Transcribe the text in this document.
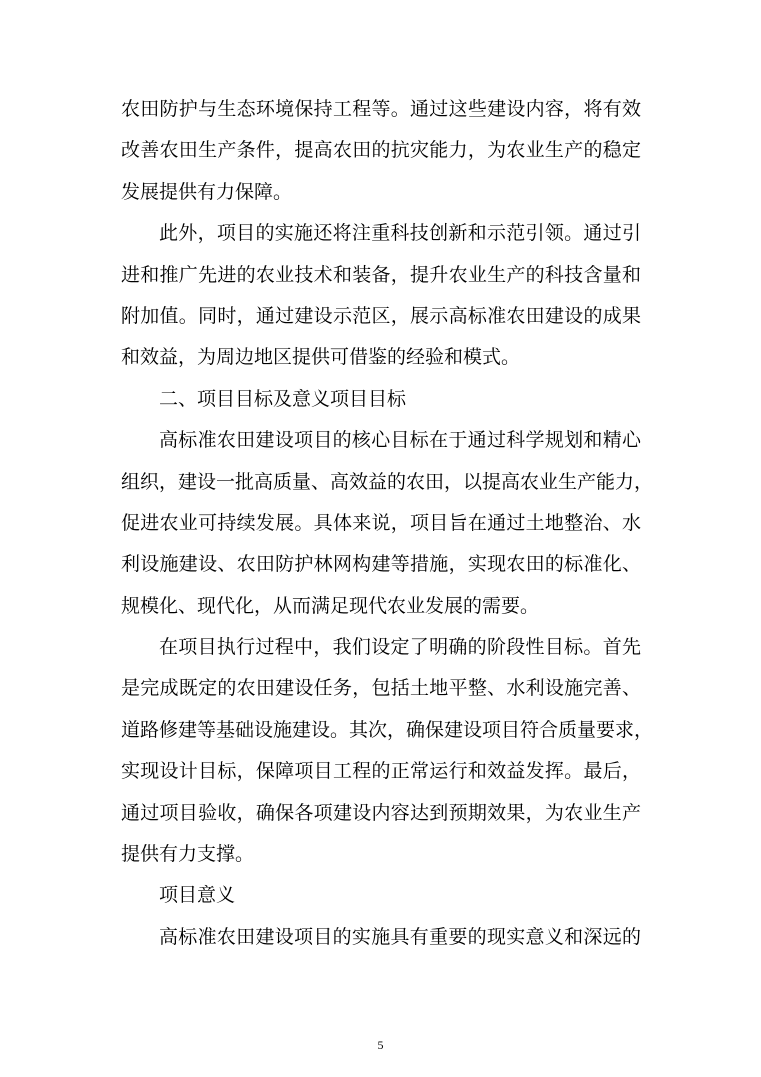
农田防护与生态环境保持工程等。通过这些建设内容，将有效
改善农田生产条件，提高农田的抗灾能力，为农业生产的稳定
发展提供有力保障。
此外，项目的实施还将注重科技创新和示范引领。通过引
进和推广先进的农业技术和装备，提升农业生产的科技含量和
附加值。同时，通过建设示范区，展示高标准农田建设的成果
和效益，为周边地区提供可借鉴的经验和模式。
二、项目目标及意义项目目标
高标准农田建设项目的核心目标在于通过科学规划和精心
组织，建设一批高质量、高效益的农田，以提高农业生产能力，
促进农业可持续发展。具体来说，项目旨在通过土地整治、水
利设施建设、农田防护林网构建等措施，实现农田的标准化、
规模化、现代化，从而满足现代农业发展的需要。
在项目执行过程中，我们设定了明确的阶段性目标。首先
是完成既定的农田建设任务，包括土地平整、水利设施完善、
道路修建等基础设施建设。其次，确保建设项目符合质量要求，
实现设计目标，保障项目工程的正常运行和效益发挥。最后，
通过项目验收，确保各项建设内容达到预期效果，为农业生产
提供有力支撑。
项目意义
高标准农田建设项目的实施具有重要的现实意义和深远的
5
